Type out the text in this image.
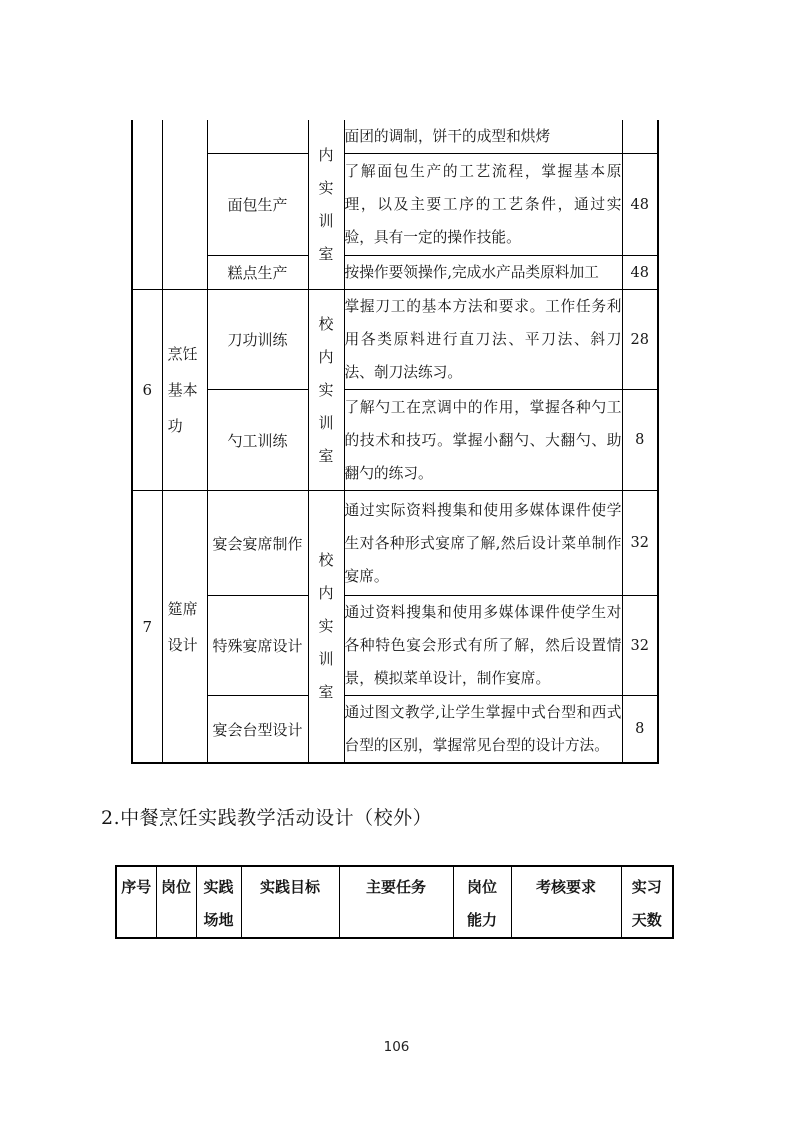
			内实训室	面团的调制，饼干的成型和烘烤	
		面包生产		了解面包生产的工艺流程，掌握基本原理，以及主要工序的工艺条件，通过实验，具有一定的操作技能。	48
		糕点生产		按操作要领操作,完成水产品类原料加工	48
6	烹饪基本功	刀功训练	校内实训室	掌握刀工的基本方法和要求。工作任务利用各类原料进行直刀法、平刀法、斜刀法、剞刀法练习。	28
		勺工训练		了解勺工在烹调中的作用，掌握各种勺工的技术和技巧。掌握小翻勺、大翻勺、助翻勺的练习。	8
7	筵席设计	宴会宴席制作	校内实训室	通过实际资料搜集和使用多媒体课件使学生对各种形式宴席了解,然后设计菜单制作宴席。	32
		特殊宴席设计		通过资料搜集和使用多媒体课件使学生对各种特色宴会形式有所了解，然后设置情景，模拟菜单设计，制作宴席。	32
		宴会台型设计		通过图文教学,让学生掌握中式台型和西式台型的区别，掌握常见台型的设计方法。	8
2.中餐烹饪实践教学活动设计（校外）
序号	岗位	实践场地	实践目标	主要任务	岗位能力	考核要求	实习天数
106
